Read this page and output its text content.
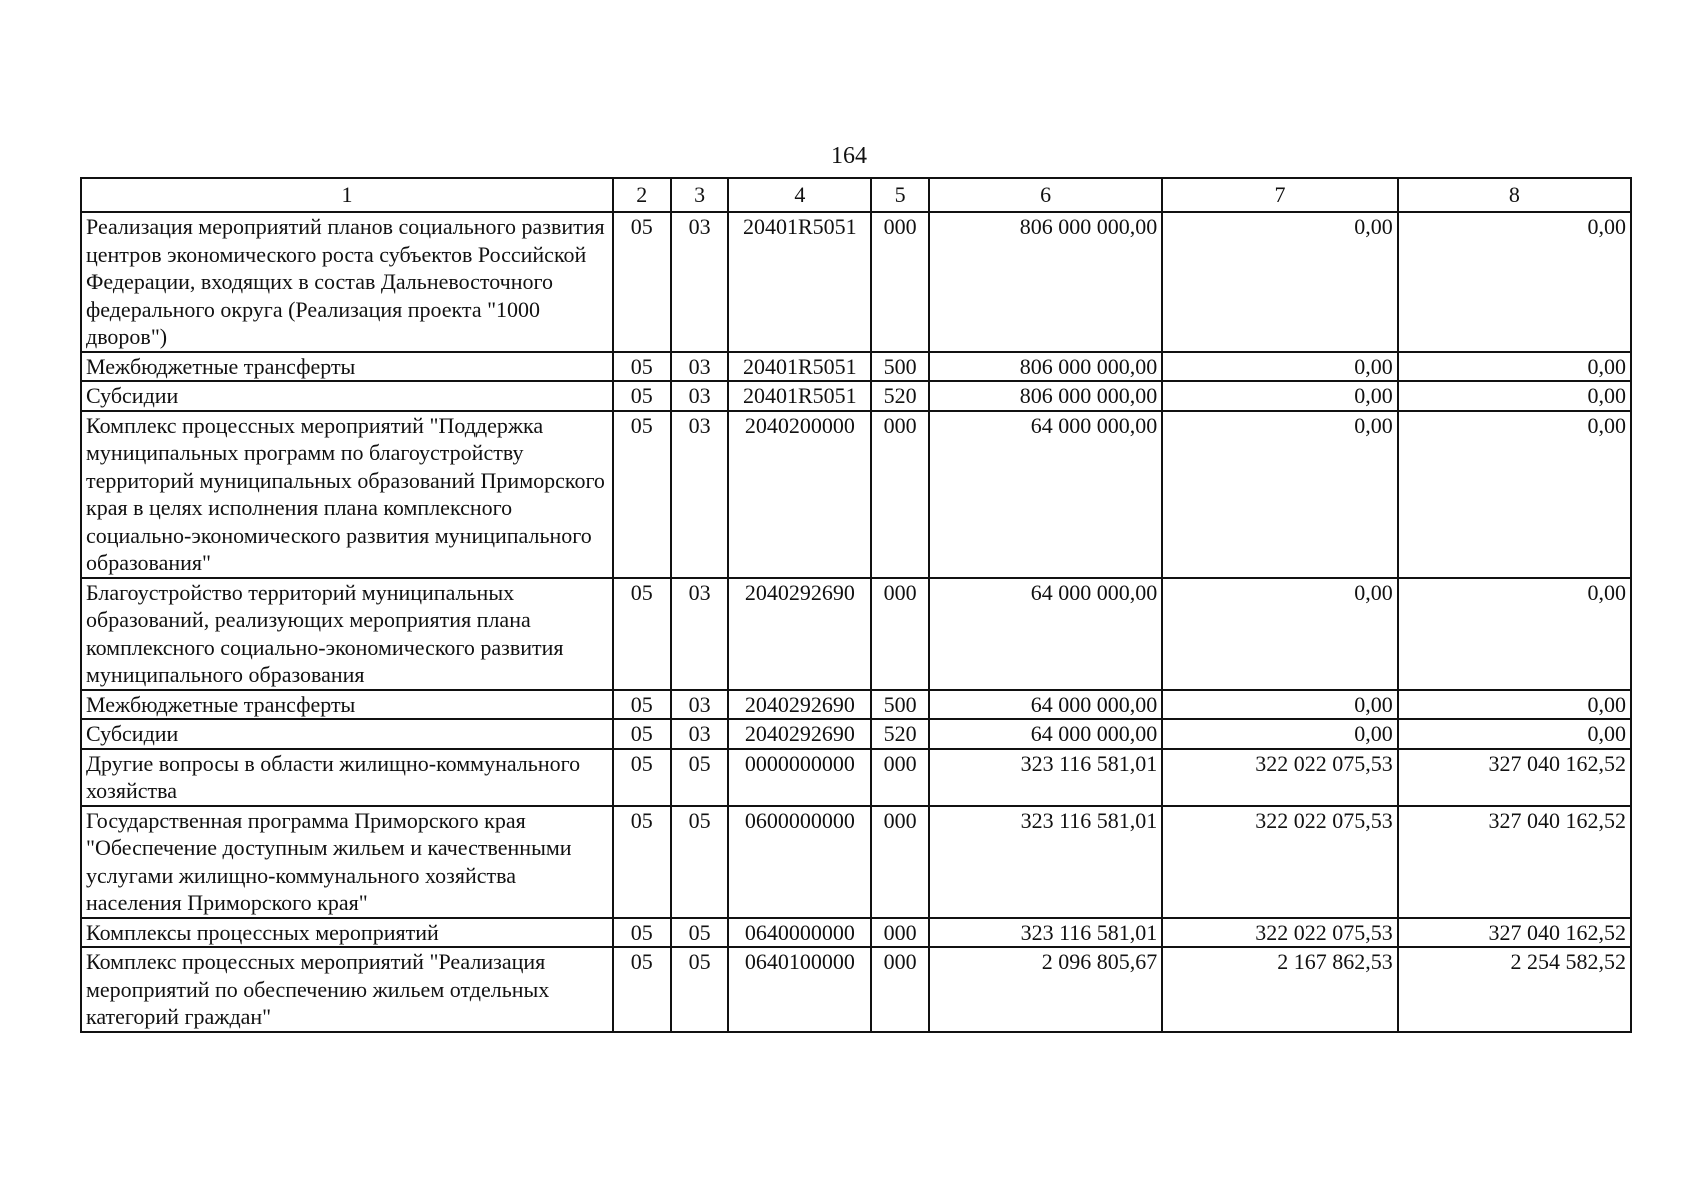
164
1	2	3	4	5	6	7	8
Реализация мероприятий планов социального развития центров экономического роста субъектов Российской Федерации, входящих в состав Дальневосточного федерального округа (Реализация проекта "1000 дворов")	05	03	20401R5051	000	806 000 000,00	0,00	0,00
Межбюджетные трансферты	05	03	20401R5051	500	806 000 000,00	0,00	0,00
Субсидии	05	03	20401R5051	520	806 000 000,00	0,00	0,00
Комплекс процессных мероприятий "Поддержка муниципальных программ по благоустройству территорий муниципальных образований Приморского края в целях исполнения плана комплексного социально-экономического развития муниципального образования"	05	03	2040200000	000	64 000 000,00	0,00	0,00
Благоустройство территорий муниципальных образований, реализующих мероприятия плана комплексного социально-экономического развития муниципального образования	05	03	2040292690	000	64 000 000,00	0,00	0,00
Межбюджетные трансферты	05	03	2040292690	500	64 000 000,00	0,00	0,00
Субсидии	05	03	2040292690	520	64 000 000,00	0,00	0,00
Другие вопросы в области жилищно-коммунального хозяйства	05	05	0000000000	000	323 116 581,01	322 022 075,53	327 040 162,52
Государственная программа Приморского края "Обеспечение доступным жильем и качественными услугами жилищно-коммунального хозяйства населения Приморского края"	05	05	0600000000	000	323 116 581,01	322 022 075,53	327 040 162,52
Комплексы процессных мероприятий	05	05	0640000000	000	323 116 581,01	322 022 075,53	327 040 162,52
Комплекс процессных мероприятий "Реализация мероприятий по обеспечению жильем отдельных категорий граждан"	05	05	0640100000	000	2 096 805,67	2 167 862,53	2 254 582,52
